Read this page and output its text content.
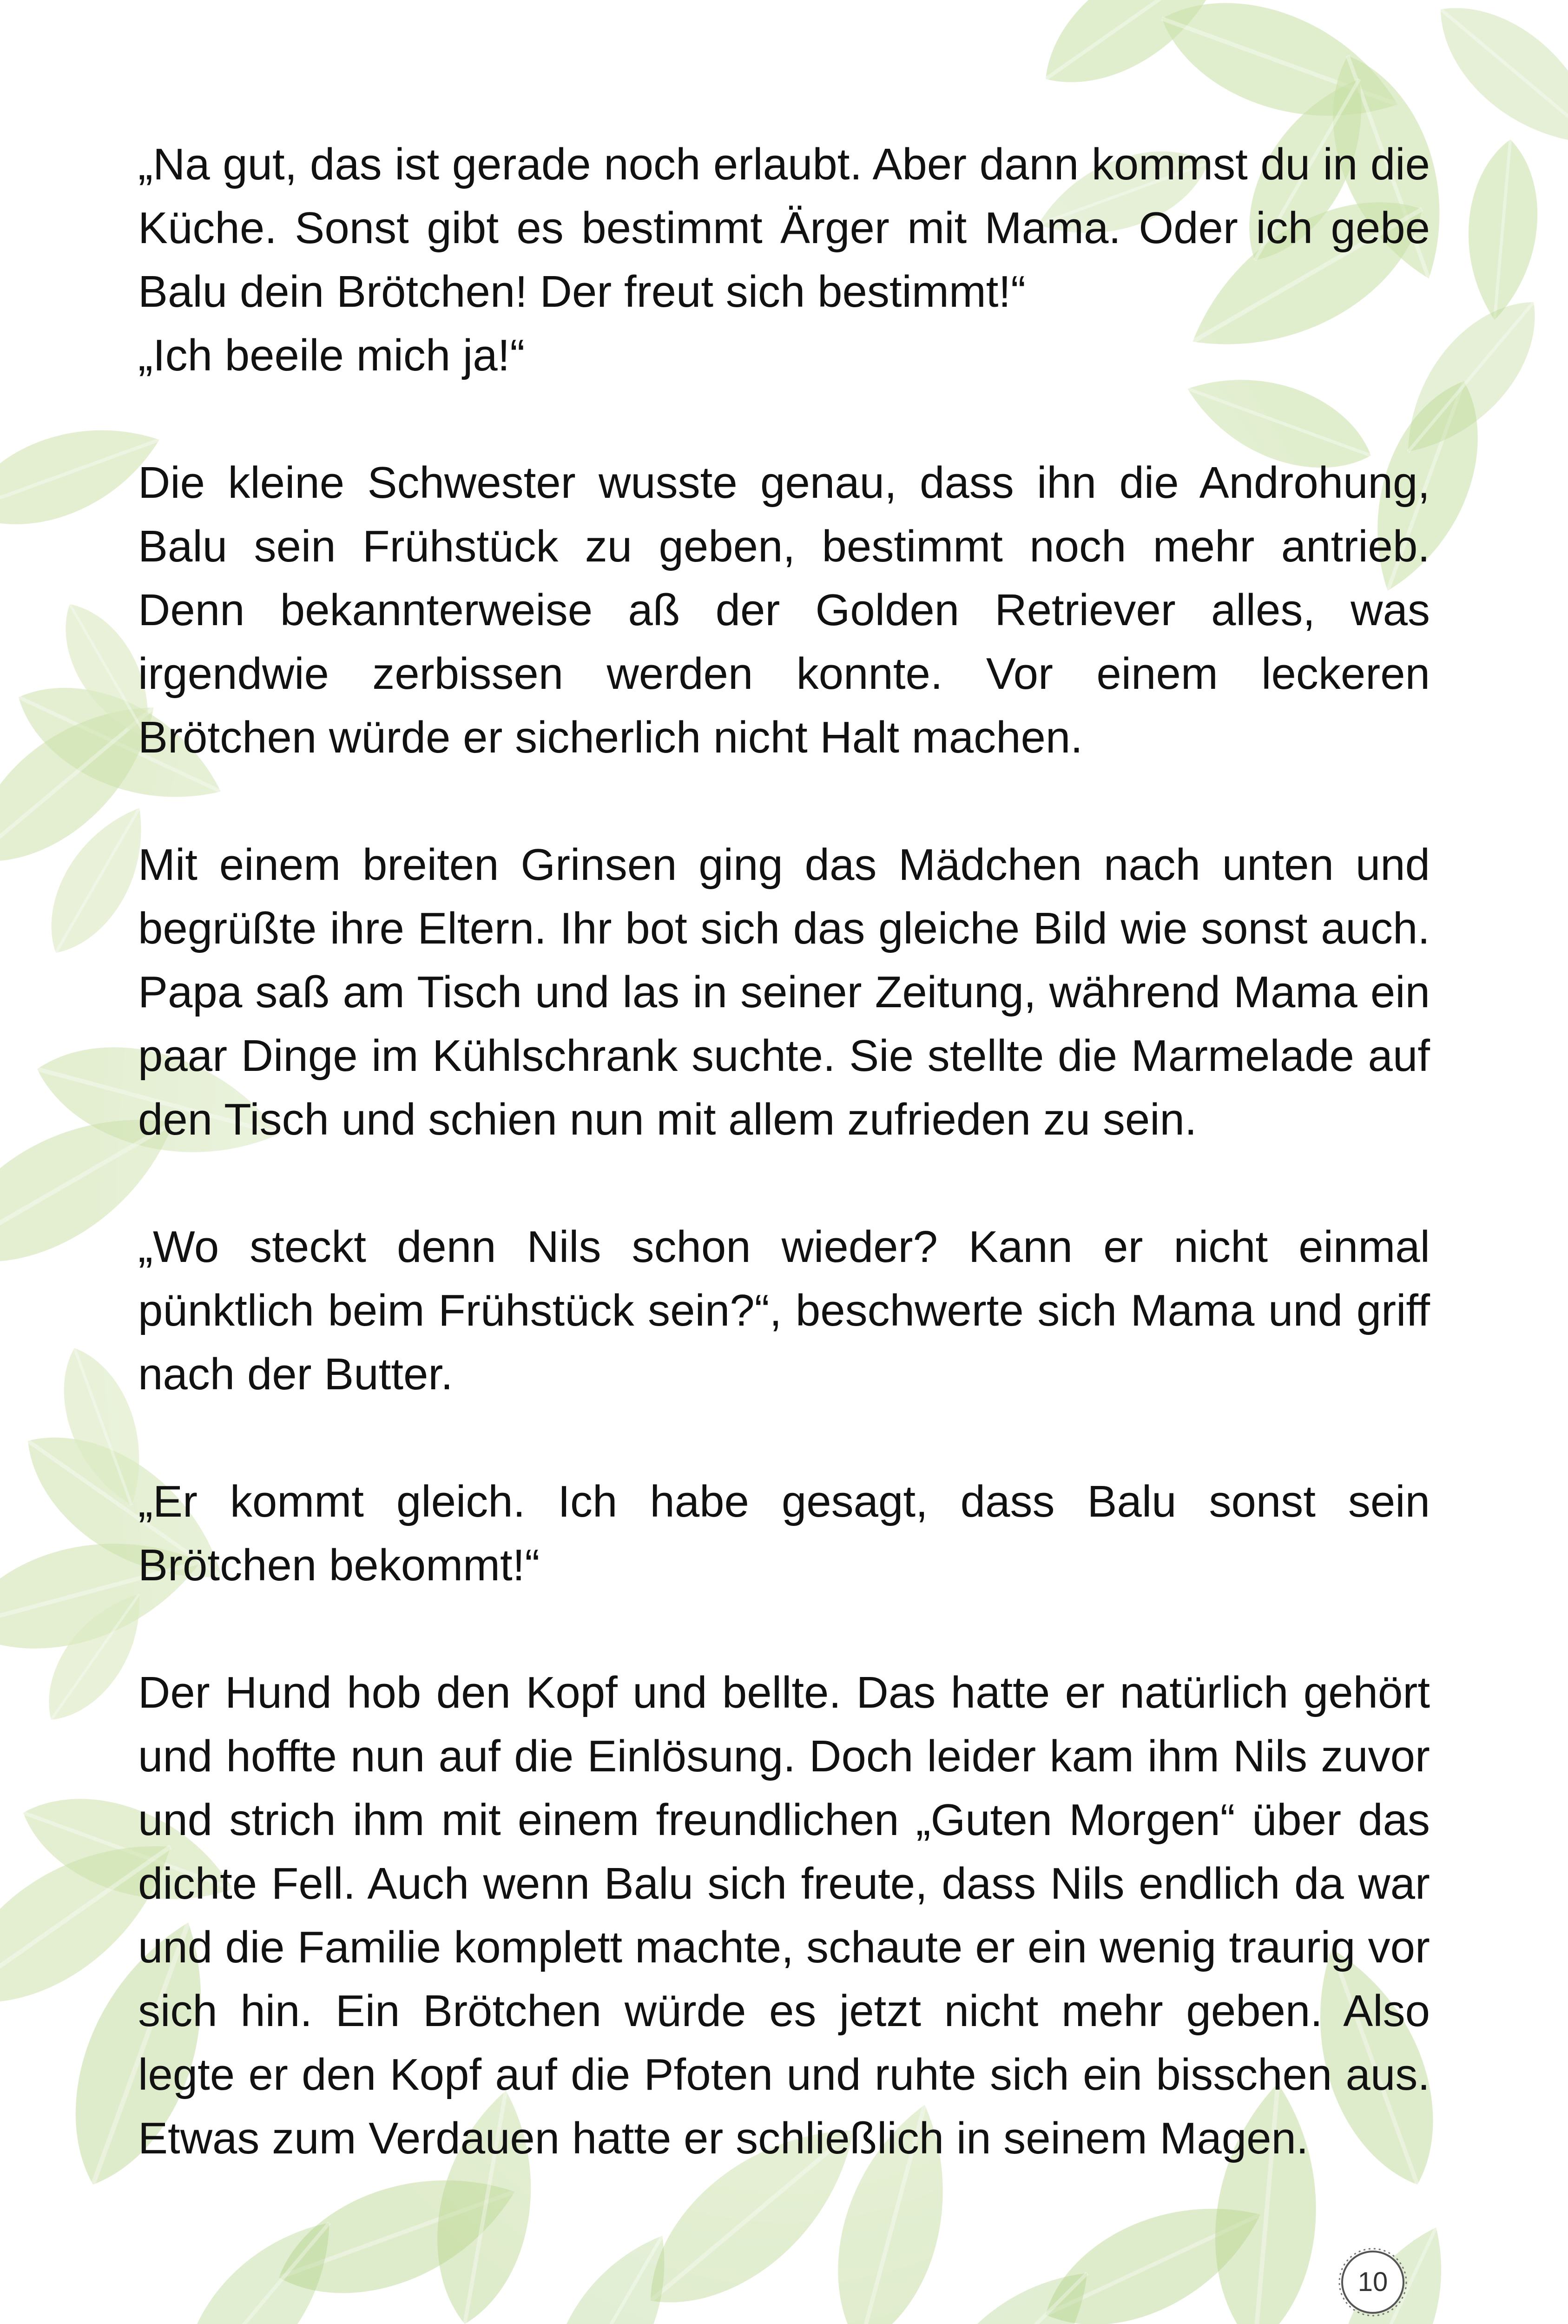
„Na gut, das ist gerade noch erlaubt. Aber dann kommst du in die Küche. Sonst gibt es bestimmt Ärger mit Mama. Oder ich gebe Balu dein Brötchen! Der freut sich bestimmt!“
„Ich beeile mich ja!“

Die kleine Schwester wusste genau, dass ihn die Androhung, Balu sein Frühstück zu geben, bestimmt noch mehr antrieb. Denn bekannterweise aß der Golden Retriever alles, was irgendwie zerbissen werden konnte. Vor einem leckeren Brötchen würde er sicherlich nicht Halt machen.

Mit einem breiten Grinsen ging das Mädchen nach unten und begrüßte ihre Eltern. Ihr bot sich das gleiche Bild wie sonst auch. Papa saß am Tisch und las in seiner Zeitung, während Mama ein paar Dinge im Kühlschrank suchte. Sie stellte die Marmelade auf den Tisch und schien nun mit allem zufrieden zu sein.

„Wo steckt denn Nils schon wieder? Kann er nicht einmal pünktlich beim Frühstück sein?“, beschwerte sich Mama und griff nach der Butter.

„Er kommt gleich. Ich habe gesagt, dass Balu sonst sein Brötchen bekommt!“

Der Hund hob den Kopf und bellte. Das hatte er natürlich gehört und hoffte nun auf die Einlösung. Doch leider kam ihm Nils zuvor und strich ihm mit einem freundlichen „Guten Morgen“ über das dichte Fell. Auch wenn Balu sich freute, dass Nils endlich da war und die Familie komplett machte, schaute er ein wenig traurig vor sich hin. Ein Brötchen würde es jetzt nicht mehr geben. Also legte er den Kopf auf die Pfoten und ruhte sich ein bisschen aus. Etwas zum Verdauen hatte er schließlich in seinem Magen.

10
